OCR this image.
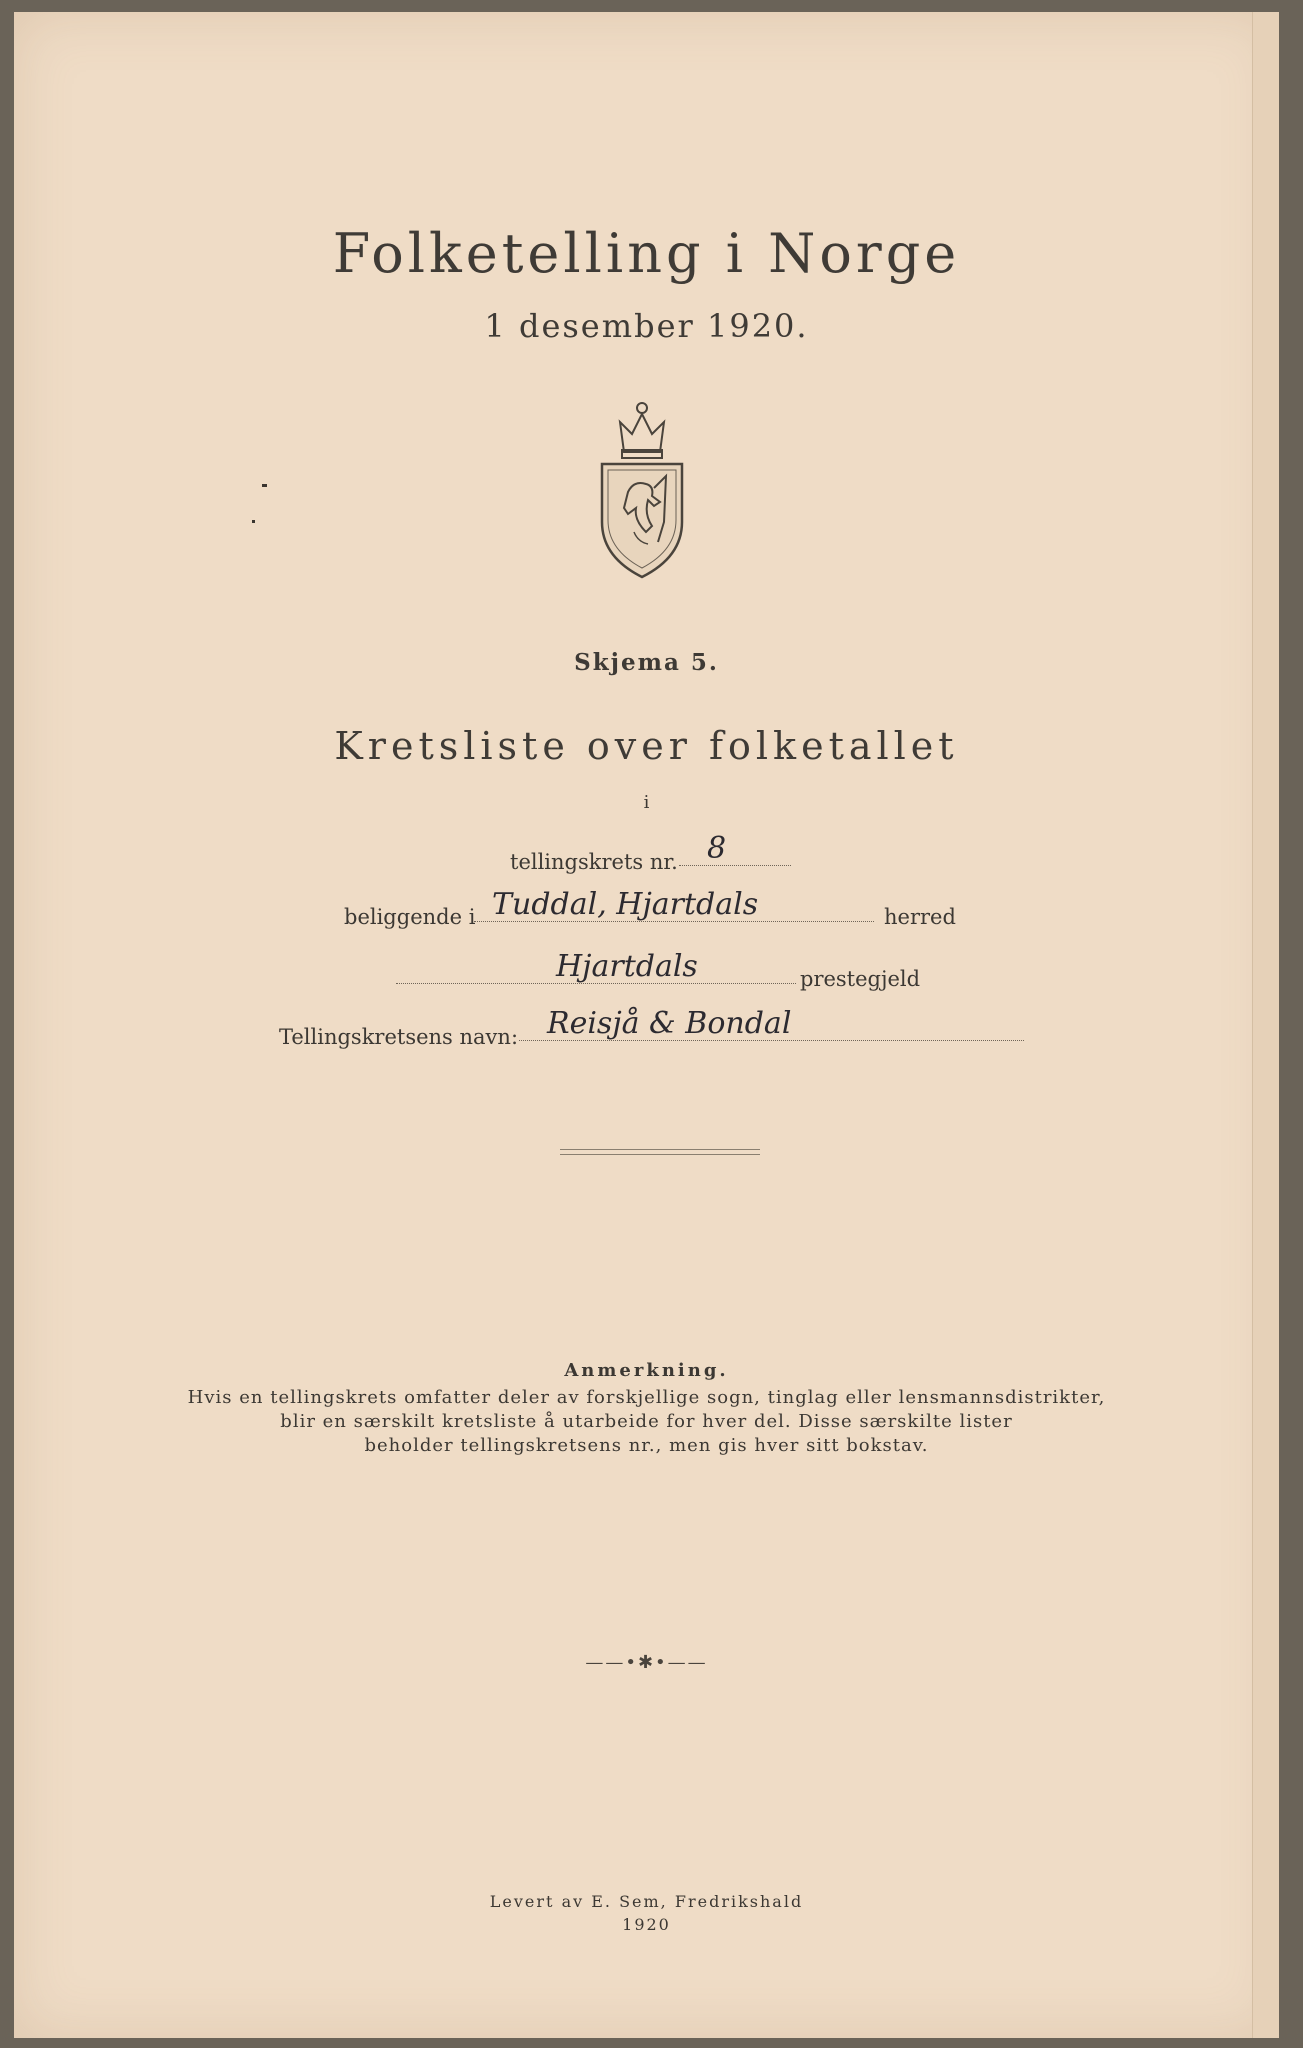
Folketelling i Norge
1 desember 1920.
Skjema 5.
Kretsliste over folketallet
i
tellingskrets nr. 8
beliggende i Tuddal, Hjartdals	herred
Hjartdals	prestegjeld
Tellingskretsens navn: Reisjå & Bondal
Anmerkning.
Hvis en tellingskrets omfatter deler av forskjellige sogn, tinglag eller lensmannsdistrikter,
blir en særskilt kretsliste å utarbeide for hver del. Disse særskilte lister
beholder tellingskretsens nr., men gis hver sitt bokstav.
——•✱•——
Levert av E. Sem, Fredrikshald
1920
